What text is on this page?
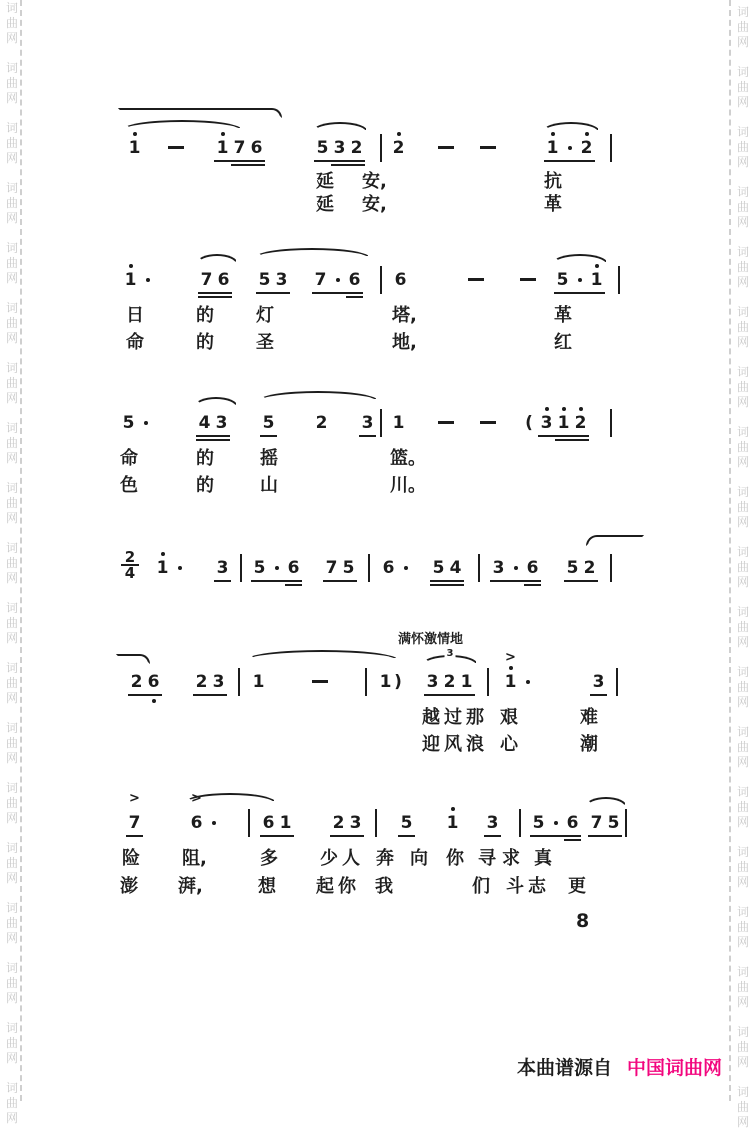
词
曲
网
词
曲
网
词
曲
网
词
曲
网
词
曲
网
词
曲
网
词
曲
网
词
曲
网
词
曲
网
词
曲
网
词
曲
网
词
曲
网
词
曲
网
词
曲
网
词
曲
网
词
曲
网
词
曲
网
词
曲
网
词
曲
网
词
曲
网
词
曲
网
词
曲
网
词
曲
网
词
曲
网
词
曲
网
词
曲
网
词
曲
网
词
曲
网
词
曲
网
词
曲
网
词
曲
网
词
曲
网
词
曲
网
词
曲
网
词
曲
网
词
曲
网
词
曲
网
词
曲
网
1	1 7 6	5 3 2 2	1 2
延 安,	抗
延 安,	革
1	7 6 5 3 7 6 6	5 1
日	的 灯	塔,	革
命	的 圣	地,	红
5	4 3 5 2 3 1	( 3 1 2
命	的	摇	篮。
色	的	山	川。
$\frac{2}{4} 1$	3 5 6 7 5 6	5 4 3 6 5 2
2 6 2 3 1	1 ) 3 2 1 1
>
3
3
越 过 那 艰	难
迎 风 浪 心	潮
7
>
6
>
6 1 2 3 5 1 3 5 6 7 5
险 阻,	多 少 人 奔 向 你 寻 求 真
澎 湃,	想 起 你 我	们 斗 志 更
满怀激情地
8
本曲谱源自 中国词曲网
